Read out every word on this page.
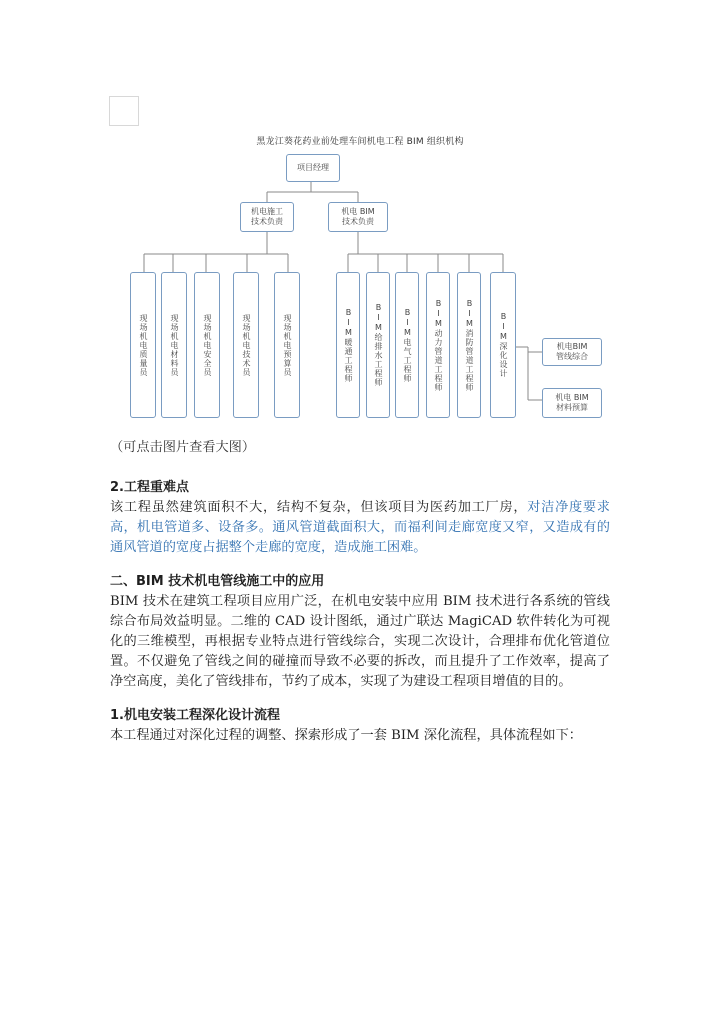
黑龙江葵花药业前处理车间机电工程 BIM 组织机构
项目经理
机电施工
技术负责
机电 BIM
技术负责
现场机电质量员	现场机电材料员	现场机电安全员	现场机电技术员	现场机电预算员	BIM暖通工程师	BIM给排水工程师	BIM电气工程师	BIM动力管道工程师	BIM消防管道工程师	BIM深化设计	机电BIM
管线综合
机电 BIM
材料预算
（可点击图片查看大图）
2.工程重难点
该工程虽然建筑面积不大，结构不复杂，但该项目为医药加工厂房，对洁净度要求高，机电管道多、设备多。通风管道截面积大，而福利间走廊宽度又窄，又造成有的通风管道的宽度占据整个走廊的宽度，造成施工困难。
二、BIM 技术机电管线施工中的应用
BIM 技术在建筑工程项目应用广泛，在机电安装中应用 BIM 技术进行各系统的管线综合布局效益明显。二维的 CAD 设计图纸，通过广联达 MagiCAD 软件转化为可视化的三维模型，再根据专业特点进行管线综合，实现二次设计，合理排布优化管道位置。不仅避免了管线之间的碰撞而导致不必要的拆改，而且提升了工作效率，提高了净空高度，美化了管线排布，节约了成本，实现了为建设工程项目增值的目的。
1.机电安装工程深化设计流程
本工程通过对深化过程的调整、探索形成了一套 BIM 深化流程，具体流程如下：
